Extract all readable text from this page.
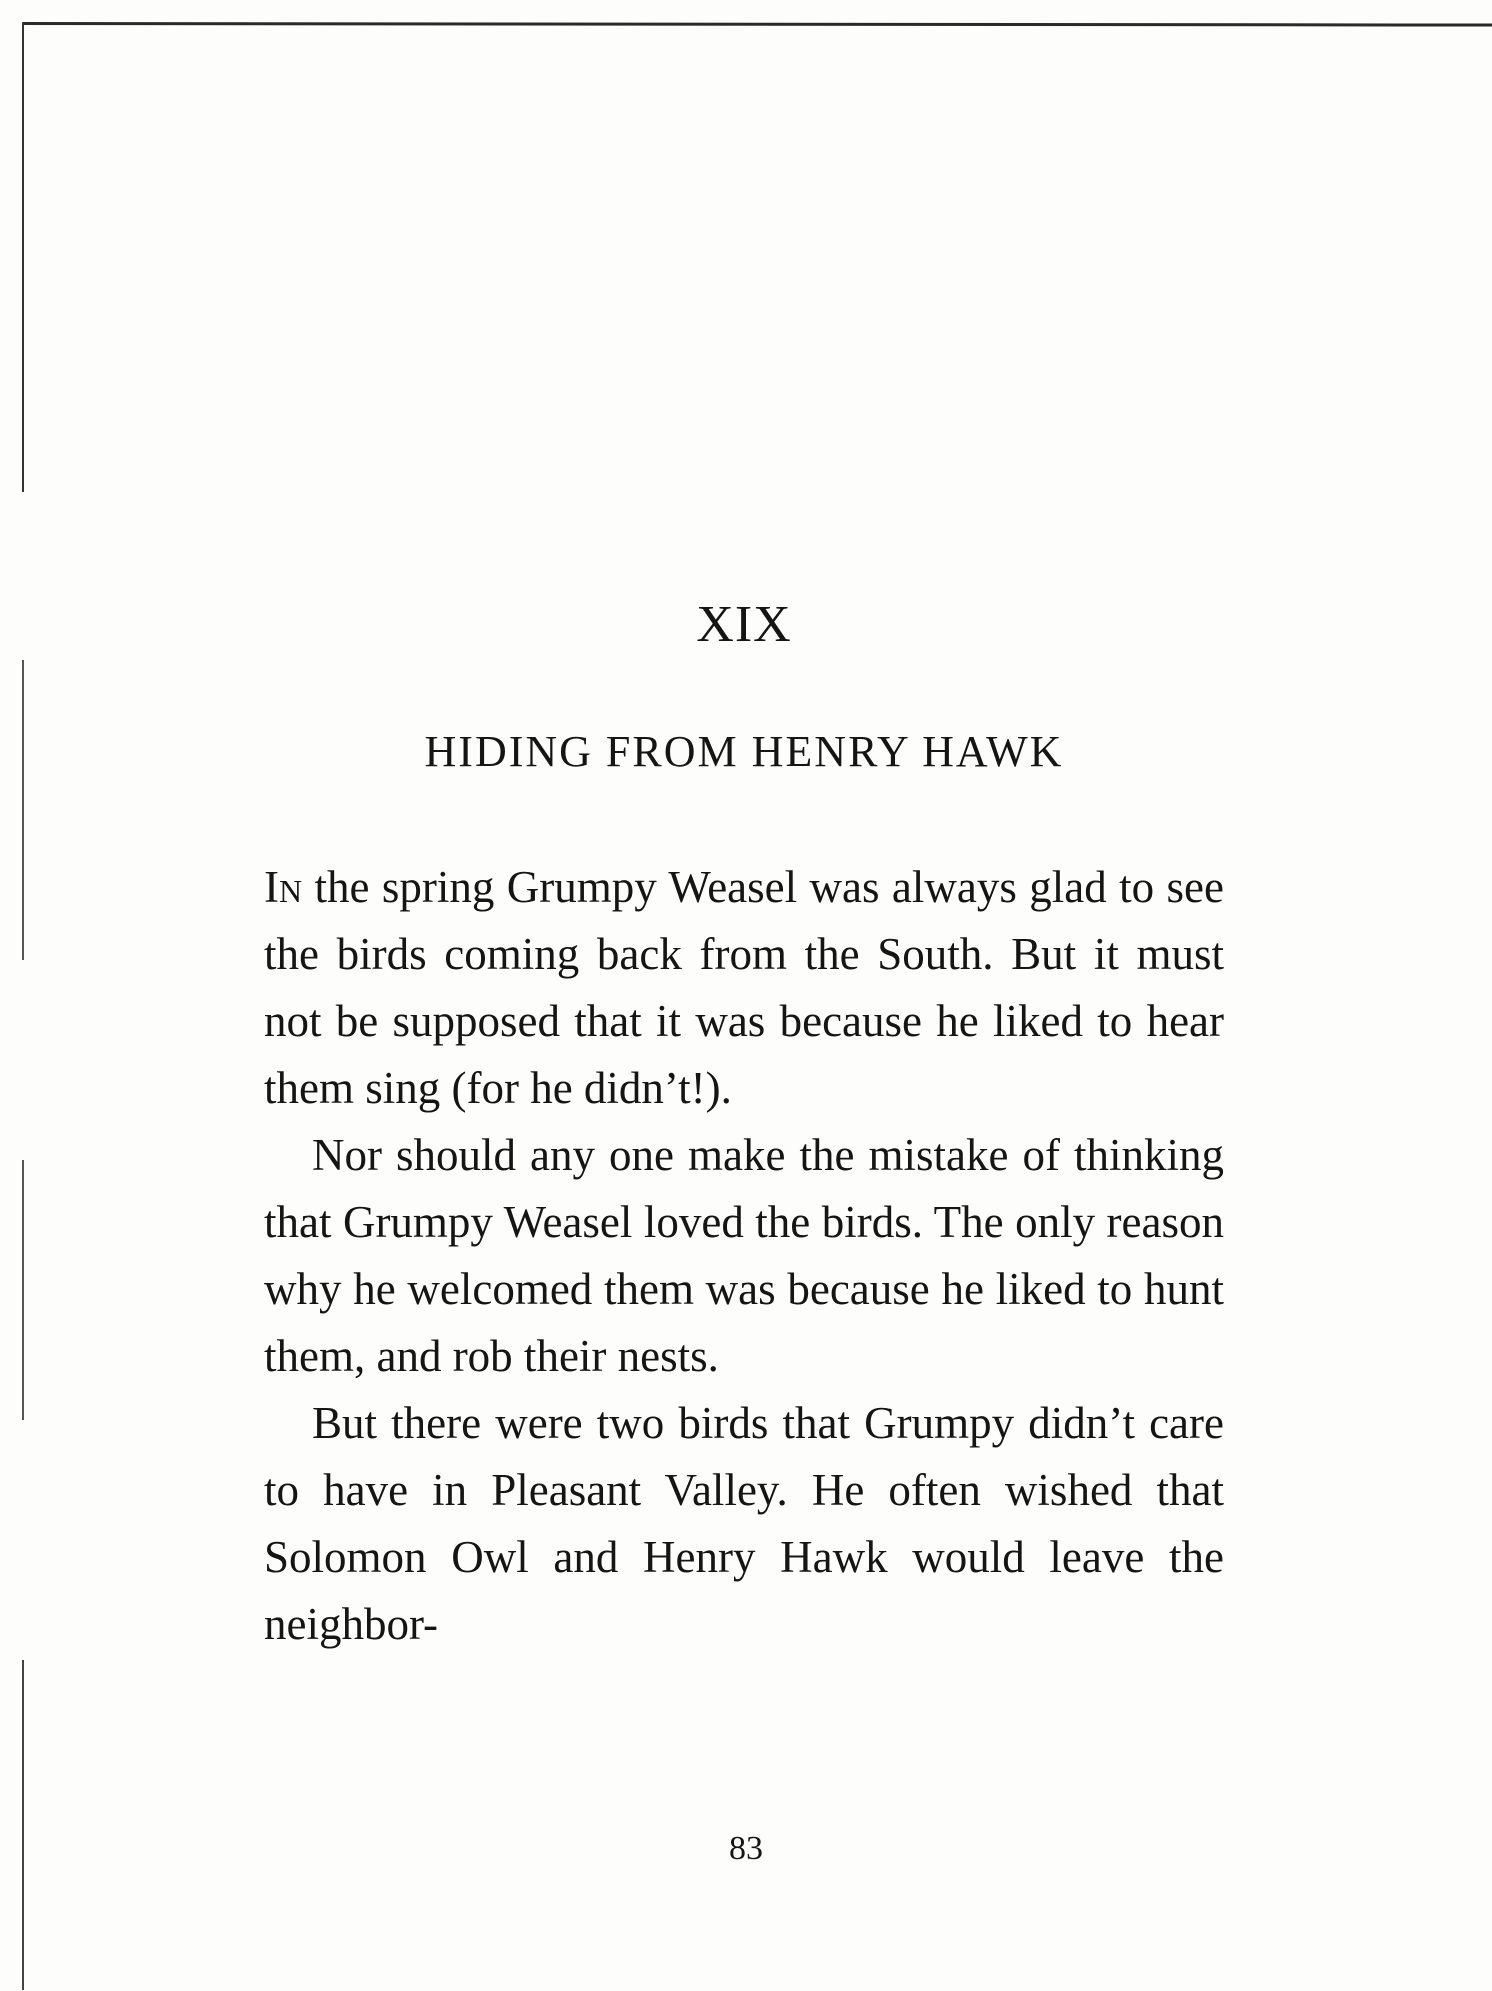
XIX
HIDING FROM HENRY HAWK

In the spring Grumpy Weasel was always glad to see the birds coming back from the South. But it must not be supposed that it was because he liked to hear them sing (for he didn’t!).

Nor should any one make the mistake of thinking that Grumpy Weasel loved the birds. The only reason why he welcomed them was because he liked to hunt them, and rob their nests.

But there were two birds that Grumpy didn’t care to have in Pleasant Valley. He often wished that Solomon Owl and Henry Hawk would leave the neighbor-

83
